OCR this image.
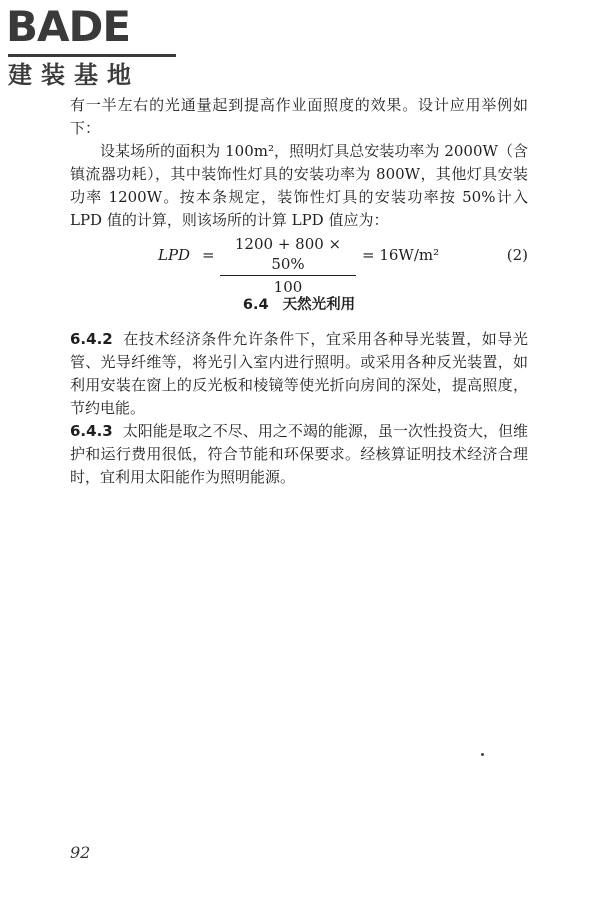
BADE
建装基地

有一半左右的光通量起到提高作业面照度的效果。设计应用举例如下：

设某场所的面积为 100m²，照明灯具总安装功率为 2000W（含镇流器功耗），其中装饰性灯具的安装功率为 800W，其他灯具安装功率 1200W。按本条规定，装饰性灯具的安装功率按 50%计入 LPD 值的计算，则该场所的计算 LPD 值应为：

LPD =
1200 + 800 × 50%
100
= 16W/m²	(2)
6.4 天然光利用

6.4.2 在技术经济条件允许条件下，宜采用各种导光装置，如导光管、光导纤维等，将光引入室内进行照明。或采用各种反光装置，如利用安装在窗上的反光板和棱镜等使光折向房间的深处，提高照度，节约电能。

6.4.3 太阳能是取之不尽、用之不竭的能源，虽一次性投资大，但维护和运行费用很低，符合节能和环保要求。经核算证明技术经济合理时，宜利用太阳能作为照明能源。

92
